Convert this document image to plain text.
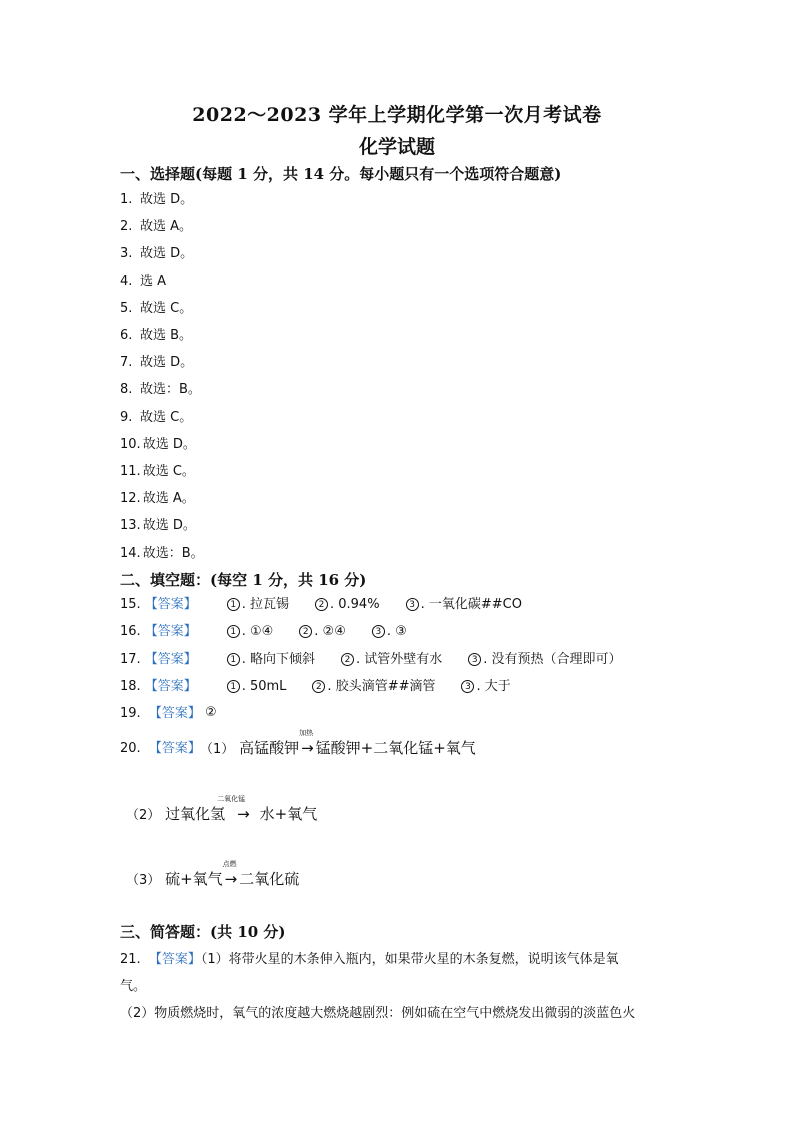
2022～2023 学年上学期化学第一次月考试卷
化学试题
一、选择题(每题 1 分，共 14 分。每小题只有一个选项符合题意)
1. 故选 D。
2. 故选 A。
3. 故选 D。
4. 选 A
5. 故选 C。
6. 故选 B。
7. 故选 D。
8. 故选：B。
9. 故选 C。
10. 故选 D。
11. 故选 C。
12. 故选 A。
13. 故选 D。
14. 故选：B。
二、填空题：(每空 1 分，共 16 分)
15. 【答案】	1 . 拉瓦锡	2 . 0.94%	3 . 一氧化碳##CO
16. 【答案】	1 . ①④	2 . ②④	3 . ③
17. 【答案】	1 . 略向下倾斜	2 . 试管外壁有水	3 . 没有预热（合理即可）
18. 【答案】	1 . 50mL	2 . 胶头滴管##滴管	3 . 大于
19. 【答案】 ②
20. 【答案】 （1） 高锰酸钾
加热
→ 锰酸钾+二氧化锰+氧气
（2） 过氧化氢
二氧化锰
→ 水+氧气
（3） 硫+氧气
点燃
→ 二氧化硫
三、简答题：(共 10 分)
21. 【答案】（1）将带火星的木条伸入瓶内，如果带火星的木条复燃，说明该气体是氧
气。
（2）物质燃烧时，氧气的浓度越大燃烧越剧烈：例如硫在空气中燃烧发出微弱的淡蓝色火
